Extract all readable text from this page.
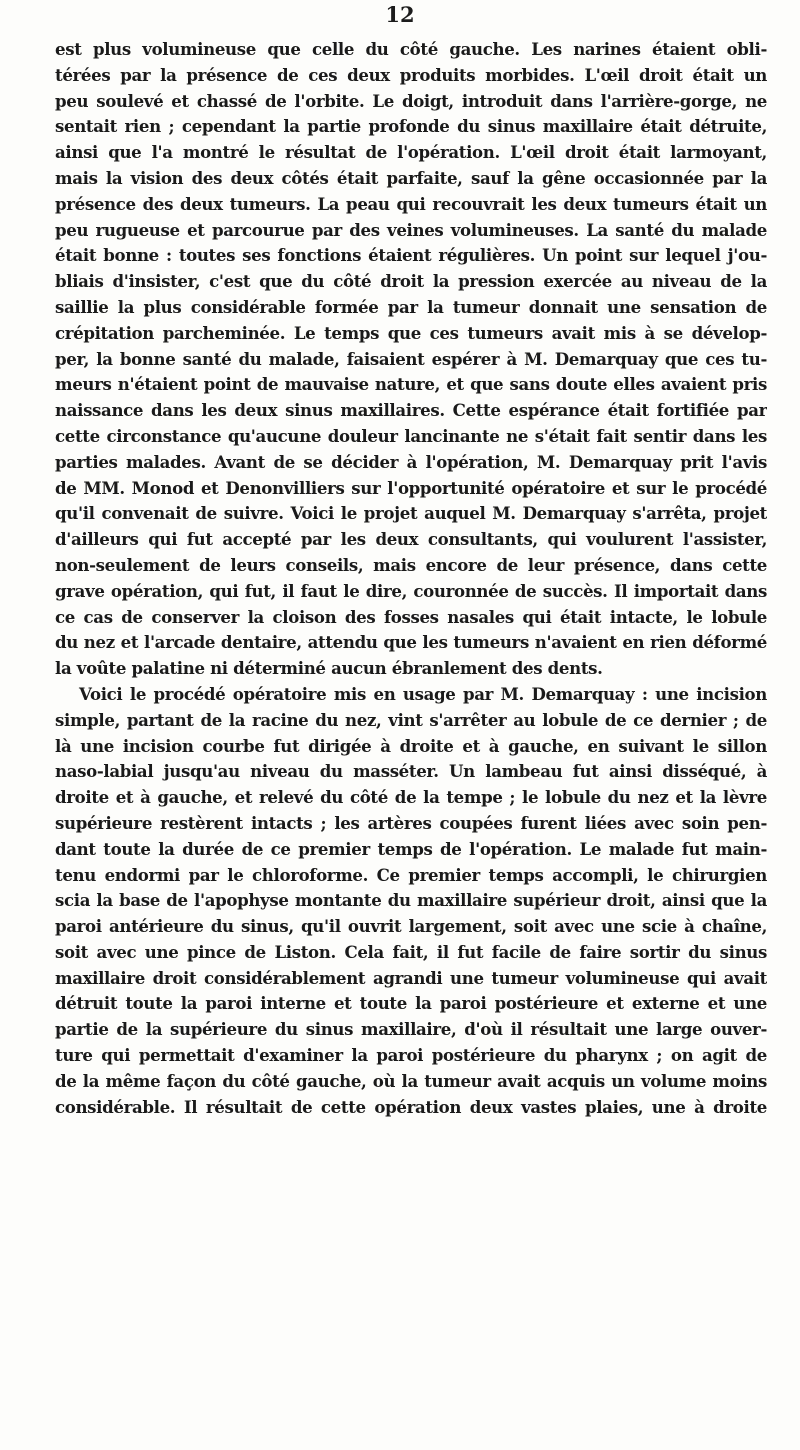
12
est plus volumineuse que celle du côté gauche. Les narines étaient obli-
térées par la présence de ces deux produits morbides. L'œil droit était un
peu soulevé et chassé de l'orbite. Le doigt, introduit dans l'arrière-gorge, ne
sentait rien ; cependant la partie profonde du sinus maxillaire était détruite,
ainsi que l'a montré le résultat de l'opération. L'œil droit était larmoyant,
mais la vision des deux côtés était parfaite, sauf la gêne occasionnée par la
présence des deux tumeurs. La peau qui recouvrait les deux tumeurs était un
peu rugueuse et parcourue par des veines volumineuses. La santé du malade
était bonne : toutes ses fonctions étaient régulières. Un point sur lequel j'ou-
bliais d'insister, c'est que du côté droit la pression exercée au niveau de la
saillie la plus considérable formée par la tumeur donnait une sensation de
crépitation parcheminée. Le temps que ces tumeurs avait mis à se dévelop-
per, la bonne santé du malade, faisaient espérer à M. Demarquay que ces tu-
meurs n'étaient point de mauvaise nature, et que sans doute elles avaient pris
naissance dans les deux sinus maxillaires. Cette espérance était fortifiée par
cette circonstance qu'aucune douleur lancinante ne s'était fait sentir dans les
parties malades. Avant de se décider à l'opération, M. Demarquay prit l'avis
de MM. Monod et Denonvilliers sur l'opportunité opératoire et sur le procédé
qu'il convenait de suivre. Voici le projet auquel M. Demarquay s'arrêta, projet
d'ailleurs qui fut accepté par les deux consultants, qui voulurent l'assister,
non-seulement de leurs conseils, mais encore de leur présence, dans cette
grave opération, qui fut, il faut le dire, couronnée de succès. Il importait dans
ce cas de conserver la cloison des fosses nasales qui était intacte, le lobule
du nez et l'arcade dentaire, attendu que les tumeurs n'avaient en rien déformé
la voûte palatine ni déterminé aucun ébranlement des dents.
Voici le procédé opératoire mis en usage par M. Demarquay : une incision
simple, partant de la racine du nez, vint s'arrêter au lobule de ce dernier ; de
là une incision courbe fut dirigée à droite et à gauche, en suivant le sillon
naso-labial jusqu'au niveau du masséter. Un lambeau fut ainsi disséqué, à
droite et à gauche, et relevé du côté de la tempe ; le lobule du nez et la lèvre
supérieure restèrent intacts ; les artères coupées furent liées avec soin pen-
dant toute la durée de ce premier temps de l'opération. Le malade fut main-
tenu endormi par le chloroforme. Ce premier temps accompli, le chirurgien
scia la base de l'apophyse montante du maxillaire supérieur droit, ainsi que la
paroi antérieure du sinus, qu'il ouvrit largement, soit avec une scie à chaîne,
soit avec une pince de Liston. Cela fait, il fut facile de faire sortir du sinus
maxillaire droit considérablement agrandi une tumeur volumineuse qui avait
détruit toute la paroi interne et toute la paroi postérieure et externe et une
partie de la supérieure du sinus maxillaire, d'où il résultait une large ouver-
ture qui permettait d'examiner la paroi postérieure du pharynx ; on agit de
de la même façon du côté gauche, où la tumeur avait acquis un volume moins
considérable. Il résultait de cette opération deux vastes plaies, une à droite
